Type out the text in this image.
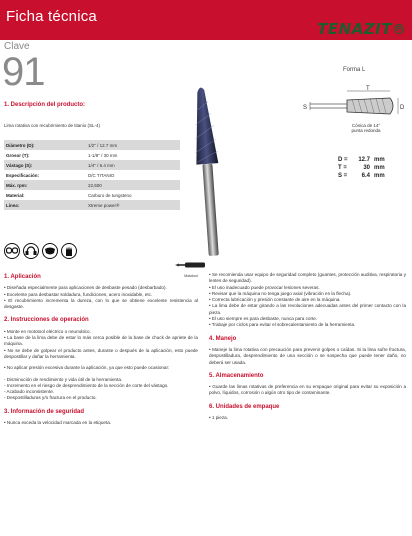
Ficha técnica
TENAZIT R
Clave
91
1. Descripción del producto:
Lima rotativa con recubrimiento de titanio (SL-4)
Diámetro (D):	1/2" / 12.7 mm
Grosor (T):	1-1/8" / 30 mm
Vástago (S):	1/4" / 6.4 mm
Especificación:	D/C TITANIO
Máx. rpm:	22,500
Material:	Carburo de tungsteno
Línea:	Xtreme power®
Forma L
T
S	D
Cónica de 14°
punta redonda
D =	12.7 mm
T =	30 mm
S =	6.4 mm
Mototool
1. Aplicación

• Diseñada especialmente para aplicaciones de desbaste pesado (desbarbado).

• Excelente para desbastar soldadura, fundiciones, acero inoxidable, etc.

• El recubrimiento incrementa la dureza, con lo que se obtiene excelente resistencia al desgaste.

2. Instrucciones de operación

• Monte en mototool eléctrico o neumático.

• La base de la lima debe de estar lo más cerca posible de la base de chuck de apriete de la máquina.

• No se debe de golpear el producto antes, durante o después de la aplicación, esto puede despostillar y dañar la herramienta.

• No aplicar presión excesiva durante la aplicación, ya que esto puede ocasionar:

- Disminución de rendimiento y vida útil de la herramienta.

- Incremento en el riesgo de desprendimiento de la sección de corte del vástago.

- Acabado inconsistente.

- Despostilladuras y/o fractura en el producto.

3. Información de seguridad

• Nunca exceda la velocidad marcada en la etiqueta.

• Se recomienda usar equipo de seguridad completo (guantes, protección auditiva, respiratoria y lentes de seguridad).

• El uso inadecuado puede provocar lesiones severas.

• Revisar que la máquina no tenga juego axial (vibración en la flecha).

• Correcta lubricación y presión constante de aire en la máquina.

• La lima debe de estar girando a las revoluciones adecuadas antes del primer contacto con la pieza.

• El uso siempre es para desbaste, nunca para corte.

• Trabaje por ciclos para evitar el sobrecalentamiento de la herramienta.

4. Manejo

• Maneje la lima rotativa con precaución para prevenir golpes o caídas. Si la lima sufre fractura, despostilladura, desprendimiento de una sección o se sospecha que puede tener daño, no deberá ser usada.

5. Almacenamiento

• Guarde las limas rotativas de preferencia en su empaque original para evitar su exposición a polvo, líquidos, corrosión o algún otro tipo de contaminante.

6. Unidades de empaque

• 1 pieza.
